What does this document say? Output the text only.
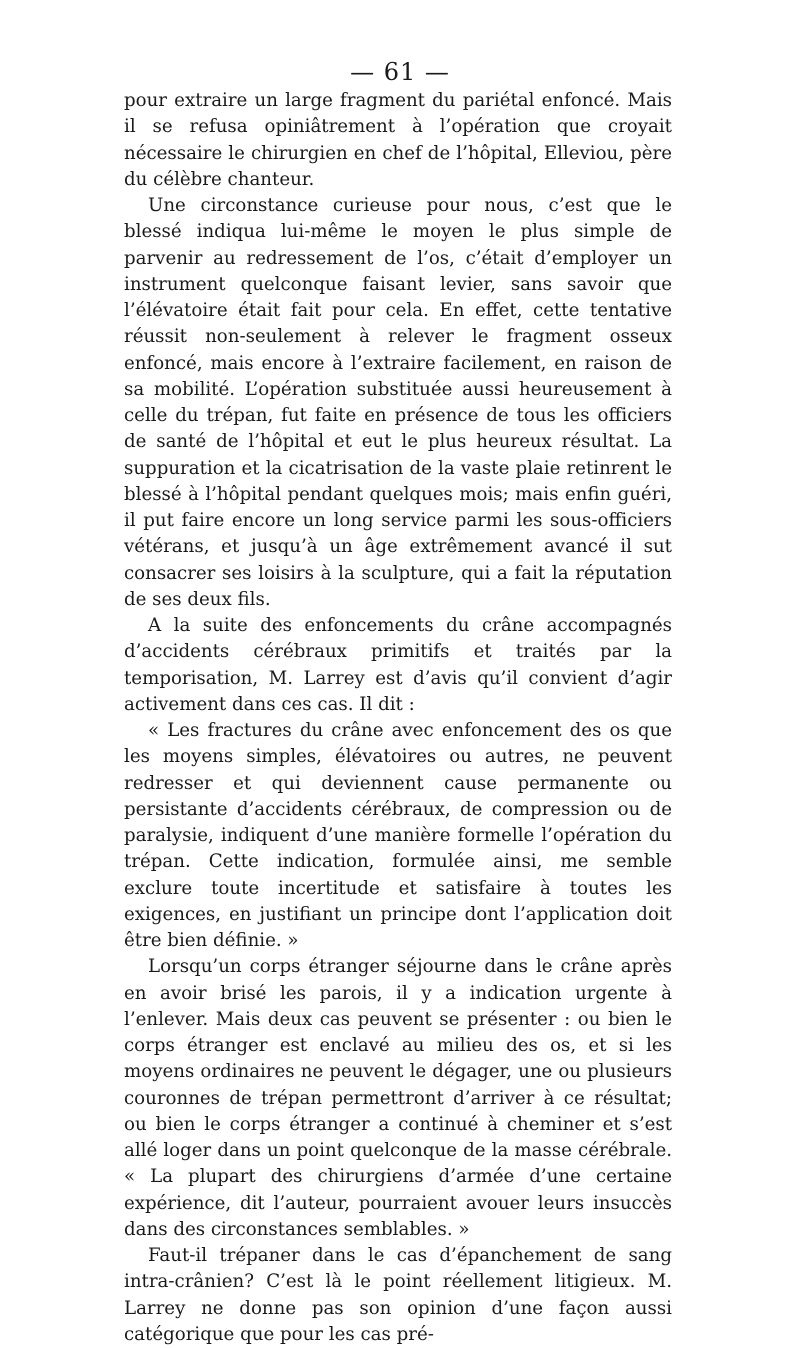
— 61 —

pour extraire un large fragment du pariétal enfoncé. Mais il se refusa opiniâtrement à l’opération que croyait nécessaire le chirurgien en chef de l’hôpital, Elleviou, père du célèbre chanteur.

Une circonstance curieuse pour nous, c’est que le blessé indiqua lui-même le moyen le plus simple de parvenir au redressement de l’os, c’était d’employer un instrument quelconque faisant levier, sans savoir que l’élévatoire était fait pour cela. En effet, cette tentative réussit non-seulement à relever le fragment osseux enfoncé, mais encore à l’extraire facilement, en raison de sa mobilité. L’opération substituée aussi heureusement à celle du trépan, fut faite en présence de tous les officiers de santé de l’hôpital et eut le plus heureux résultat. La suppuration et la cicatrisation de la vaste plaie retinrent le blessé à l’hôpital pendant quelques mois; mais enfin guéri, il put faire encore un long service parmi les sous-officiers vétérans, et jusqu’à un âge extrêmement avancé il sut consacrer ses loisirs à la sculpture, qui a fait la réputation de ses deux fils.

A la suite des enfoncements du crâne accompagnés d’accidents cérébraux primitifs et traités par la temporisation, M. Larrey est d’avis qu’il convient d’agir activement dans ces cas. Il dit :

« Les fractures du crâne avec enfoncement des os que les moyens simples, élévatoires ou autres, ne peuvent redresser et qui deviennent cause permanente ou persistante d’accidents cérébraux, de compression ou de paralysie, indiquent d’une manière formelle l’opération du trépan. Cette indication, formulée ainsi, me semble exclure toute incertitude et satisfaire à toutes les exigences, en justifiant un principe dont l’application doit être bien définie. »

Lorsqu’un corps étranger séjourne dans le crâne après en avoir brisé les parois, il y a indication urgente à l’enlever. Mais deux cas peuvent se présenter : ou bien le corps étranger est enclavé au milieu des os, et si les moyens ordinaires ne peuvent le dégager, une ou plusieurs couronnes de trépan permettront d’arriver à ce résultat; ou bien le corps étranger a continué à cheminer et s’est allé loger dans un point quelconque de la masse cérébrale. « La plupart des chirurgiens d’armée d’une certaine expérience, dit l’auteur, pourraient avouer leurs insuccès dans des circonstances semblables. »

Faut-il trépaner dans le cas d’épanchement de sang intra-crânien? C’est là le point réellement litigieux. M. Larrey ne donne pas son opinion d’une façon aussi catégorique que pour les cas pré-
